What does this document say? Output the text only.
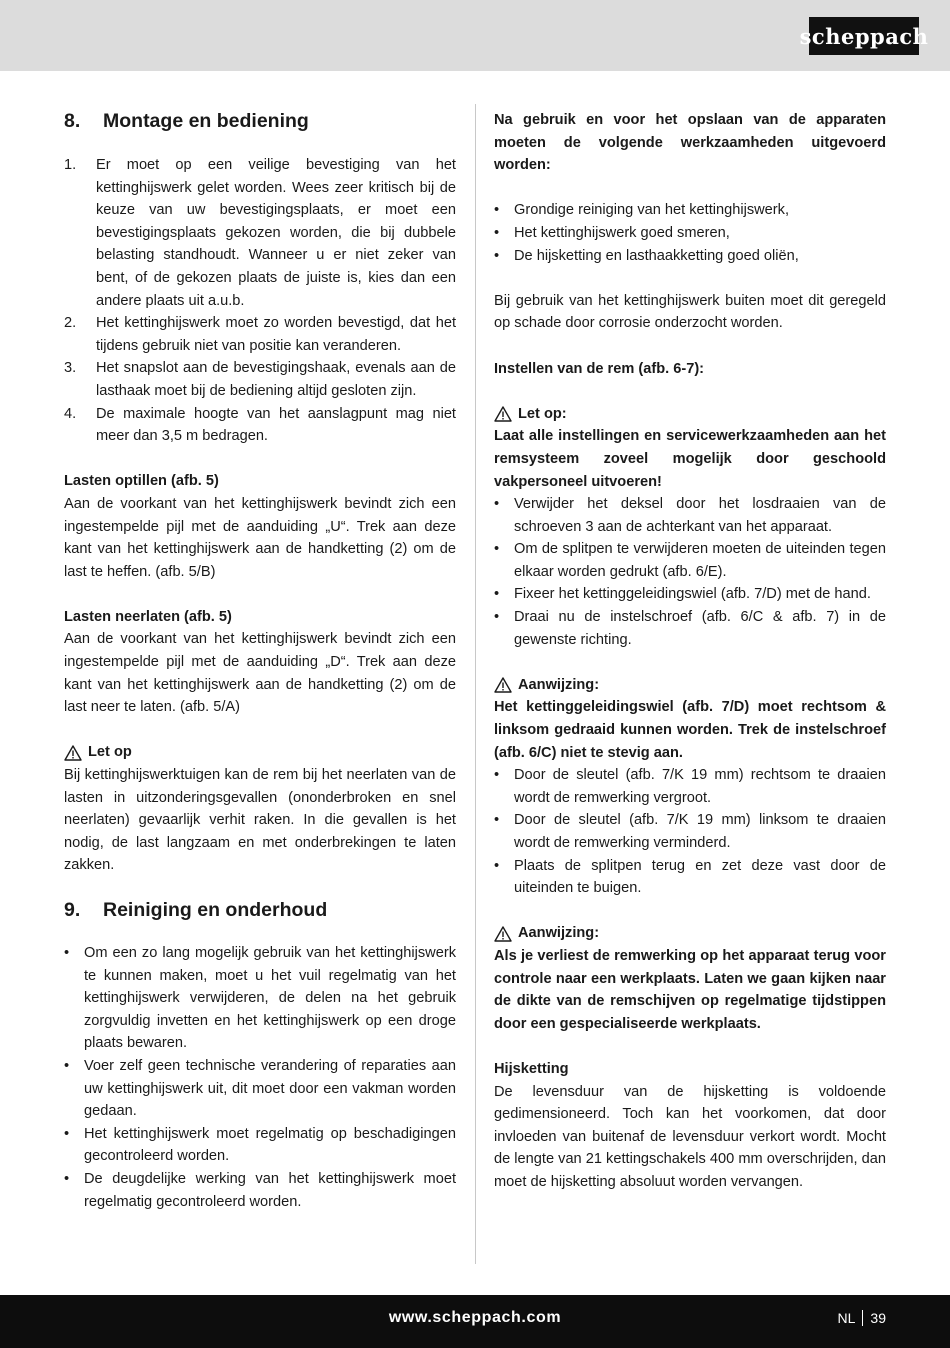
scheppach
8.	Montage en bediening
1.	Er moet op een veilige bevestiging van het kettinghijswerk gelet worden. Wees zeer kritisch bij de keuze van uw bevestigingsplaats, er moet een bevestigingsplaats gekozen worden, die bij dubbele belasting standhoudt. Wanneer u er niet zeker van bent, of de gekozen plaats de juiste is, kies dan een andere plaats uit a.u.b.
2.	Het kettinghijswerk moet zo worden bevestigd, dat het tijdens gebruik niet van positie kan veranderen.
3.	Het snapslot aan de bevestigingshaak, evenals aan de lasthaak moet bij de bediening altijd gesloten zijn.
4.	De maximale hoogte van het aanslagpunt mag niet meer dan 3,5 m bedragen.
Lasten optillen (afb. 5)
Aan de voorkant van het kettinghijswerk bevindt zich een ingestempelde pijl met de aanduiding „U“. Trek aan deze kant van het kettinghijswerk aan de handketting (2) om de last te heffen. (afb. 5/B)
Lasten neerlaten (afb. 5)
Aan de voorkant van het kettinghijswerk bevindt zich een ingestempelde pijl met de aanduiding „D“. Trek aan deze kant van het kettinghijswerk aan de handketting (2) om de last neer te laten. (afb. 5/A)
Let op
Bij kettinghijswerktuigen kan de rem bij het neerlaten van de lasten in uitzonderingsgevallen (ononderbroken en snel neerlaten) gevaarlijk verhit raken. In die gevallen is het nodig, de last langzaam en met onderbrekingen te laten zakken.
9.	Reiniging en onderhoud
•	Om een zo lang mogelijk gebruik van het kettinghijswerk te kunnen maken, moet u het vuil regelmatig van het kettinghijswerk verwijderen, de delen na het gebruik zorgvuldig invetten en het kettinghijswerk op een droge plaats bewaren.
•	Voer zelf geen technische verandering of reparaties aan uw kettinghijswerk uit, dit moet door een vakman worden gedaan.
•	Het kettinghijswerk moet regelmatig op beschadigingen gecontroleerd worden.
•	De deugdelijke werking van het kettinghijswerk moet regelmatig gecontroleerd worden.
Na gebruik en voor het opslaan van de apparaten moeten de volgende werkzaamheden uitgevoerd worden:
•	Grondige reiniging van het kettinghijswerk,
•	Het kettinghijswerk goed smeren,
•	De hijsketting en lasthaakketting goed oliën,
Bij gebruik van het kettinghijswerk buiten moet dit geregeld op schade door corrosie onderzocht worden.
Instellen van de rem (afb. 6-7):
Let op:
Laat alle instellingen en servicewerkzaamheden aan het remsysteem zoveel mogelijk door geschoold vakpersoneel uitvoeren!
•	Verwijder het deksel door het losdraaien van de schroeven 3 aan de achterkant van het apparaat.
•	Om de splitpen te verwijderen moeten de uiteinden tegen elkaar worden gedrukt (afb. 6/E).
•	Fixeer het kettinggeleidingswiel (afb. 7/D) met de hand.
•	Draai nu de instelschroef (afb. 6/C & afb. 7) in de gewenste richting.
Aanwijzing:
Het kettinggeleidingswiel (afb. 7/D) moet rechtsom & linksom gedraaid kunnen worden. Trek de instelschroef (afb. 6/C) niet te stevig aan.
•	Door de sleutel (afb. 7/K 19 mm) rechtsom te draaien wordt de remwerking vergroot.
•	Door de sleutel (afb. 7/K 19 mm) linksom te draaien wordt de remwerking verminderd.
•	Plaats de splitpen terug en zet deze vast door de uiteinden te buigen.
Aanwijzing:
Als je verliest de remwerking op het apparaat terug voor controle naar een werkplaats. Laten we gaan kijken naar de dikte van de remschijven op regelmatige tijdstippen door een gespecialiseerde werkplaats.
Hijsketting
De levensduur van de hijsketting is voldoende gedimensioneerd. Toch kan het voorkomen, dat door invloeden van buitenaf de levensduur verkort wordt. Mocht de lengte van 21 kettingschakels 400 mm overschrijden, dan moet de hijsketting absoluut worden vervangen.
www.scheppach.com	NL 39
